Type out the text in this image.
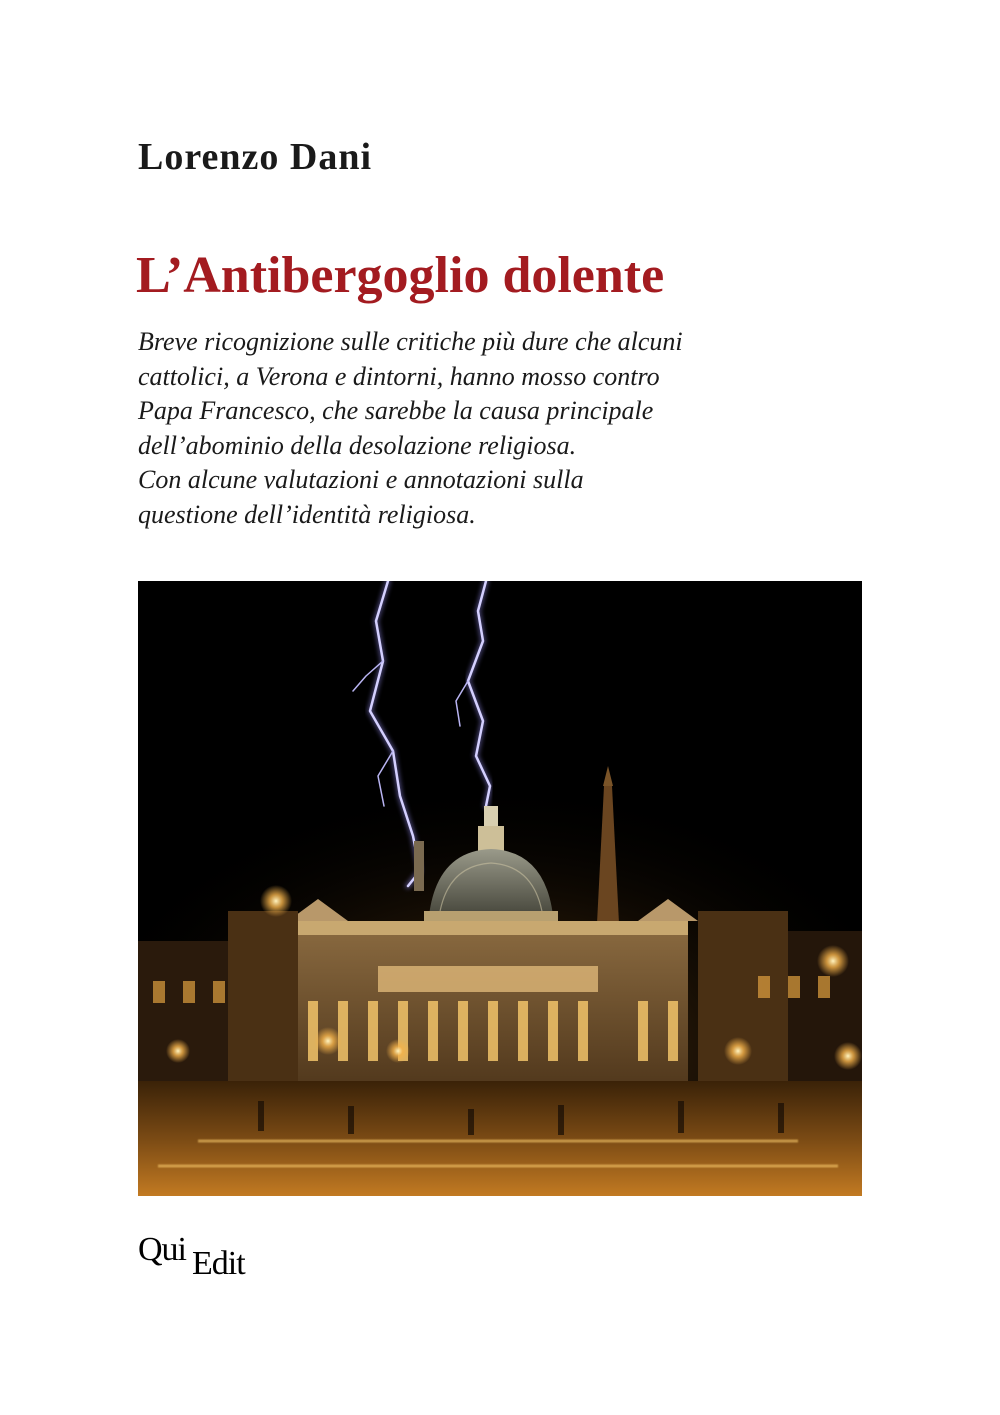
Lorenzo Dani
L’Antibergoglio dolente

Breve ricognizione sulle critiche più dure che alcuni
cattolici, a Verona e dintorni, hanno mosso contro
Papa Francesco, che sarebbe la causa principale
dell’abominio della desolazione religiosa.
Con alcune valutazioni e annotazioni sulla
questione dell’identità religiosa.

Qui Edit
